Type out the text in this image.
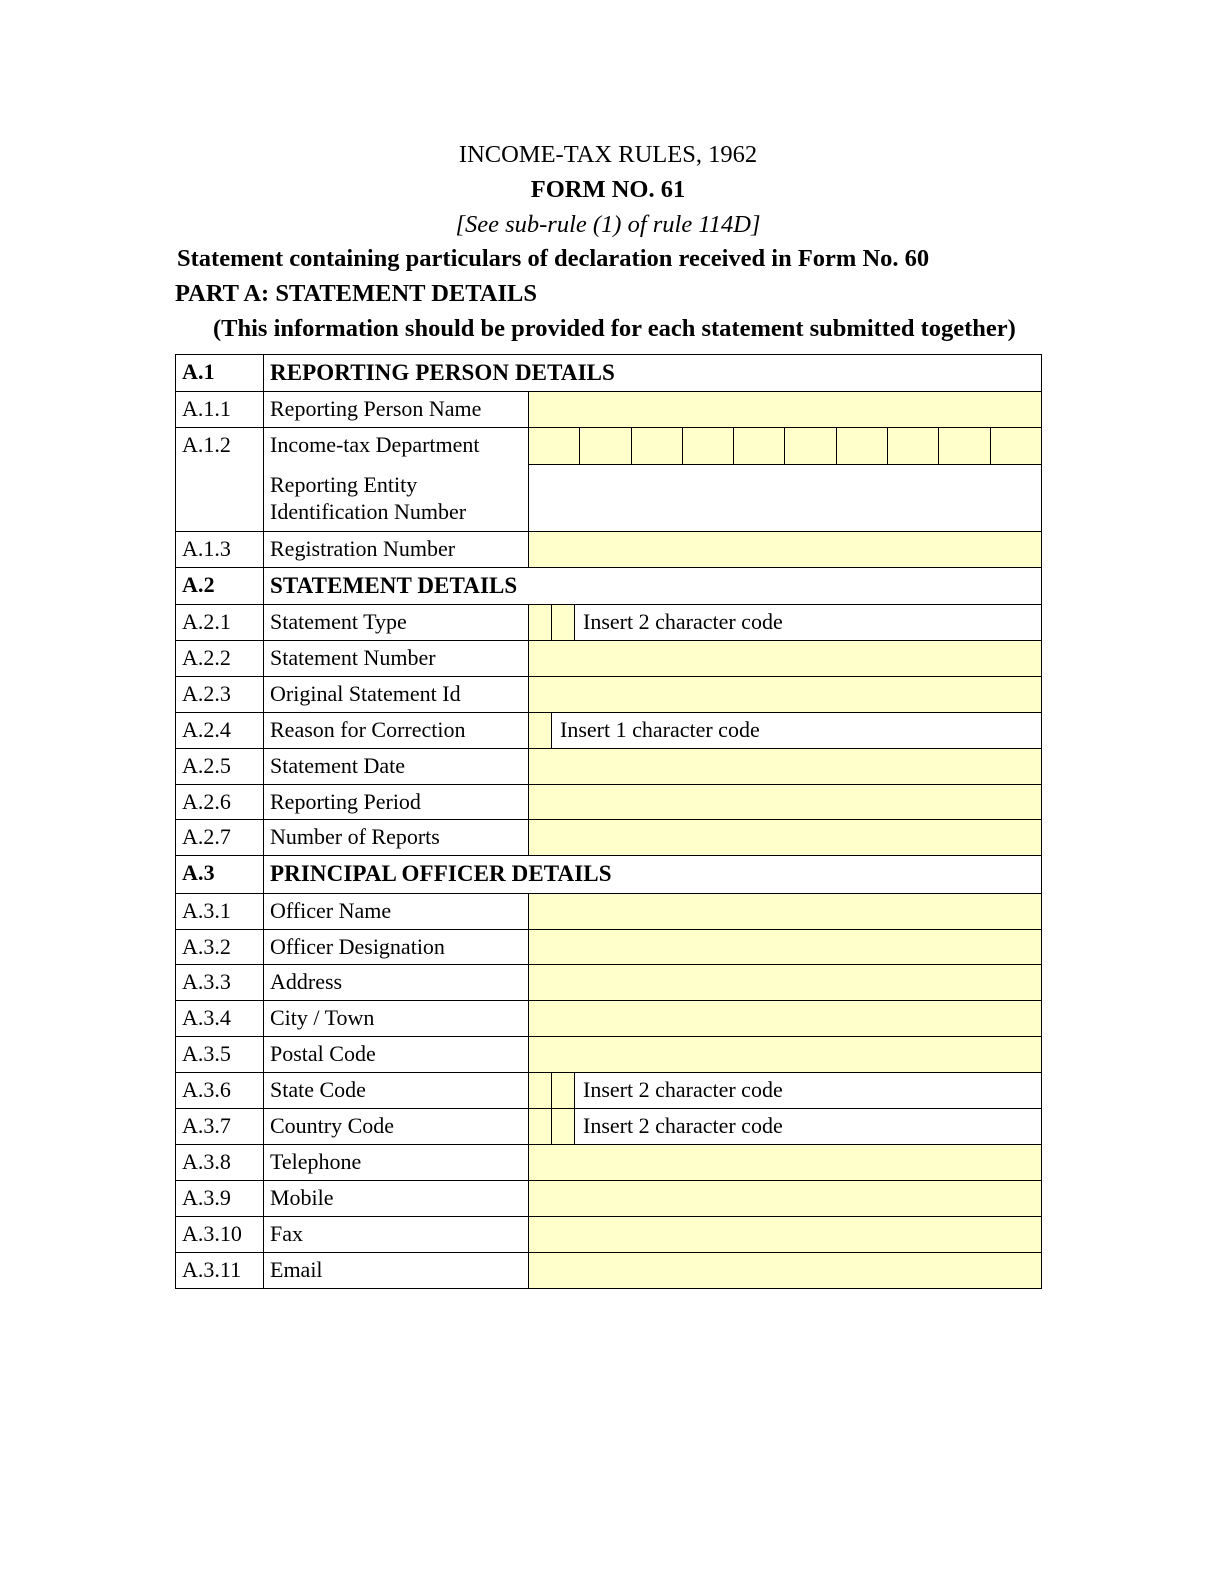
INCOME-TAX RULES, 1962
FORM NO. 61
[See sub-rule (1) of rule 114D]
Statement containing particulars of declaration received in Form No. 60
PART A: STATEMENT DETAILS
(This information should be provided for each statement submitted together)
A.1	REPORTING PERSON DETAILS	
A.1.1	Reporting Person Name	
A.1.2	Income-tax Department
Reporting Entity Identification Number	

A.1.3	Registration Number	
A.2	STATEMENT DETAILS	
A.2.1	Statement Type	Insert 2 character code

A.2.2	Statement Number	
A.2.3	Original Statement Id	
A.2.4	Reason for Correction	Insert 1 character code

A.2.5	Statement Date	
A.2.6	Reporting Period	
A.2.7	Number of Reports	
A.3	PRINCIPAL OFFICER DETAILS	
A.3.1	Officer Name	
A.3.2	Officer Designation	
A.3.3	Address	
A.3.4	City / Town	
A.3.5	Postal Code	
A.3.6	State Code	Insert 2 character code

A.3.7	Country Code	Insert 2 character code

A.3.8	Telephone	
A.3.9	Mobile	
A.3.10	Fax	
A.3.11	Email	
